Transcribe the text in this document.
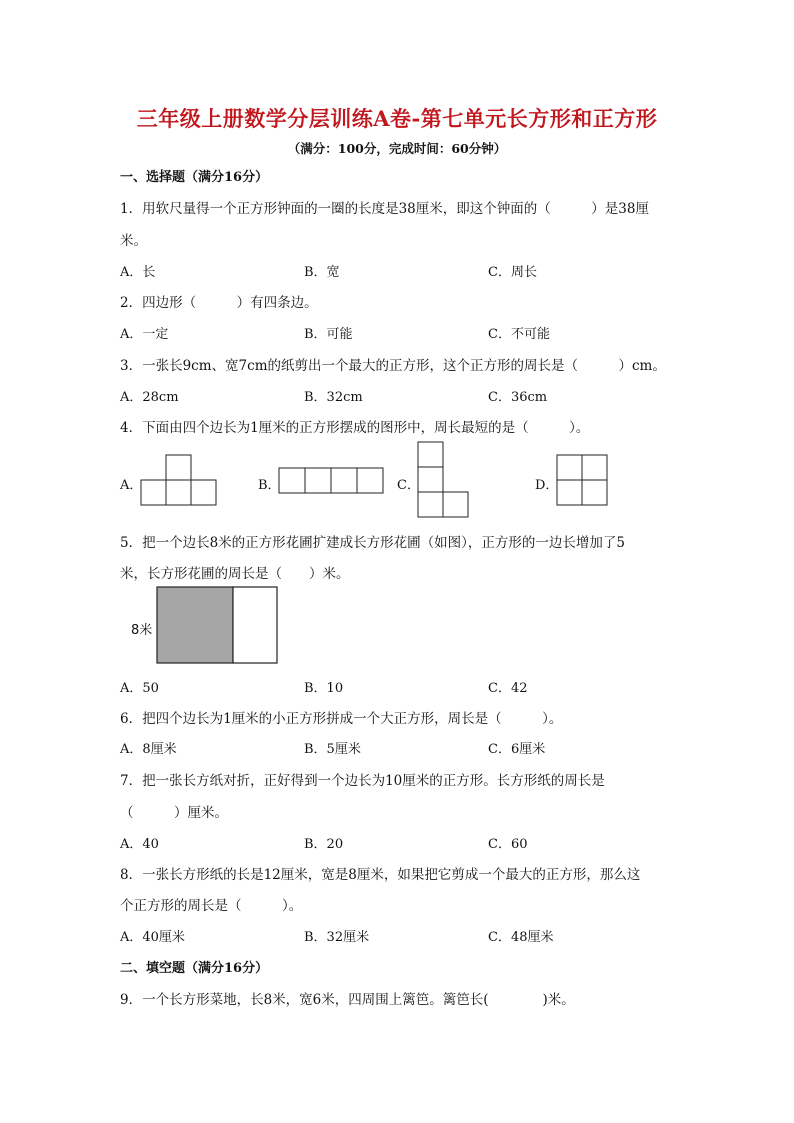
三年级上册数学分层训练A卷-第七单元长方形和正方形
（满分：100分，完成时间：60分钟）
一、选择题（满分16分）
1．用软尺量得一个正方形钟面的一圈的长度是38厘米，即这个钟面的（　　　）是38厘
米。
A．长	B．宽	C．周长
2．四边形（　　　）有四条边。
A．一定	B．可能	C．不可能
3．一张长9cm、宽7cm的纸剪出一个最大的正方形，这个正方形的周长是（　　　）cm。
A．28cm	B．32cm	C．36cm
4．下面由四个边长为1厘米的正方形摆成的图形中，周长最短的是（　　　）。
A．	B．	C．	D．
5．把一个边长8米的正方形花圃扩建成长方形花圃（如图），正方形的一边长增加了5
米，长方形花圃的周长是（　　）米。
8米
A．50	B．10	C．42
6．把四个边长为1厘米的小正方形拼成一个大正方形，周长是（　　　）。
A．8厘米	B．5厘米	C．6厘米
7．把一张长方纸对折，正好得到一个边长为10厘米的正方形。长方形纸的周长是
（　　　）厘米。
A．40	B．20	C．60
8．一张长方形纸的长是12厘米，宽是8厘米，如果把它剪成一个最大的正方形，那么这
个正方形的周长是（　　　）。
A．40厘米	B．32厘米	C．48厘米
二、填空题（满分16分）
9．一个长方形菜地，长8米，宽6米，四周围上篱笆。篱笆长(　　　　)米。
